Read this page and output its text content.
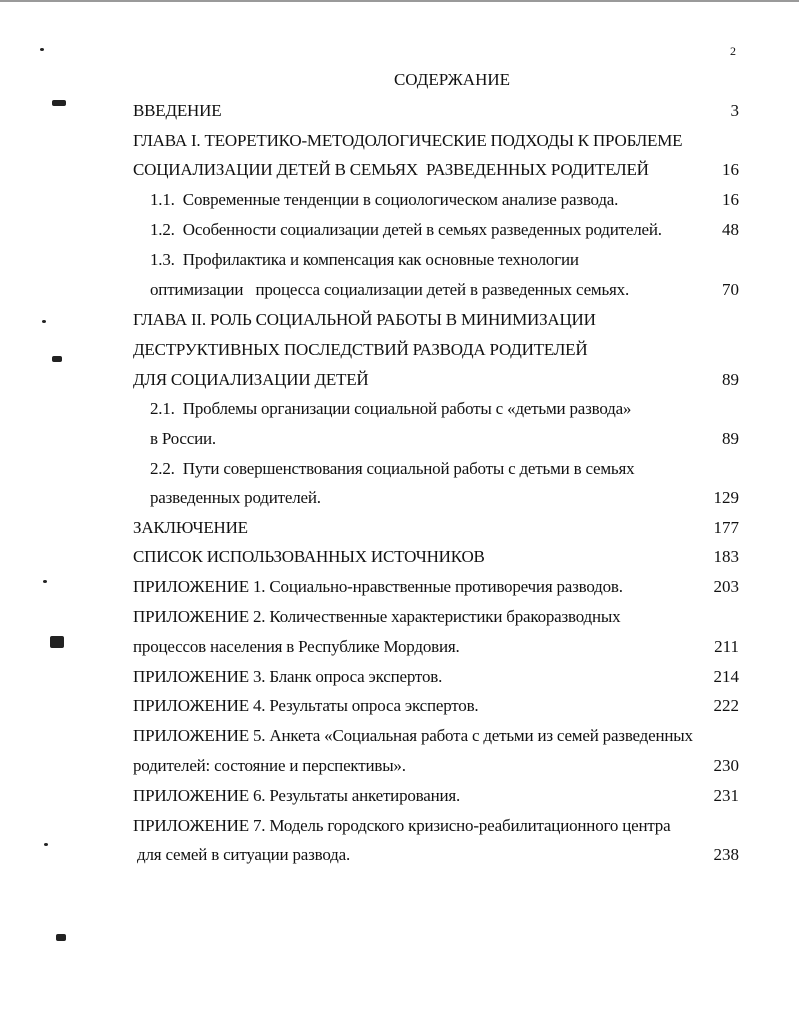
2
СОДЕРЖАНИЕ
ВВЕДЕНИЕ	3
ГЛАВА I. ТЕОРЕТИКО-МЕТОДОЛОГИЧЕСКИЕ ПОДХОДЫ К ПРОБЛЕМЕ
СОЦИАЛИЗАЦИИ ДЕТЕЙ В СЕМЬЯХ  РАЗВЕДЕННЫХ РОДИТЕЛЕЙ	16
1.1.  Современные тенденции в социологическом анализе развода.	16
1.2.  Особенности социализации детей в семьях разведенных родителей.	48
1.3.  Профилактика и компенсация как основные технологии
оптимизации   процесса социализации детей в разведенных семьях.	70
ГЛАВА II. РОЛЬ СОЦИАЛЬНОЙ РАБОТЫ В МИНИМИЗАЦИИ
ДЕСТРУКТИВНЫХ ПОСЛЕДСТВИЙ РАЗВОДА РОДИТЕЛЕЙ
ДЛЯ СОЦИАЛИЗАЦИИ ДЕТЕЙ	89
2.1.  Проблемы организации социальной работы с «детьми развода»
в России.	89
2.2.  Пути совершенствования социальной работы с детьми в семьях
разведенных родителей.	129
ЗАКЛЮЧЕНИЕ	177
СПИСОК ИСПОЛЬЗОВАННЫХ ИСТОЧНИКОВ	183
ПРИЛОЖЕНИЕ 1. Социально-нравственные противоречия разводов.	203
ПРИЛОЖЕНИЕ 2. Количественные характеристики бракоразводных
процессов населения в Республике Мордовия.	211
ПРИЛОЖЕНИЕ 3. Бланк опроса экспертов.	214
ПРИЛОЖЕНИЕ 4. Результаты опроса экспертов.	222
ПРИЛОЖЕНИЕ 5. Анкета «Социальная работа с детьми из семей разведенных
родителей: состояние и перспективы».	230
ПРИЛОЖЕНИЕ 6. Результаты анкетирования.	231
ПРИЛОЖЕНИЕ 7. Модель городского кризисно-реабилитационного центра
для семей в ситуации развода.	238
